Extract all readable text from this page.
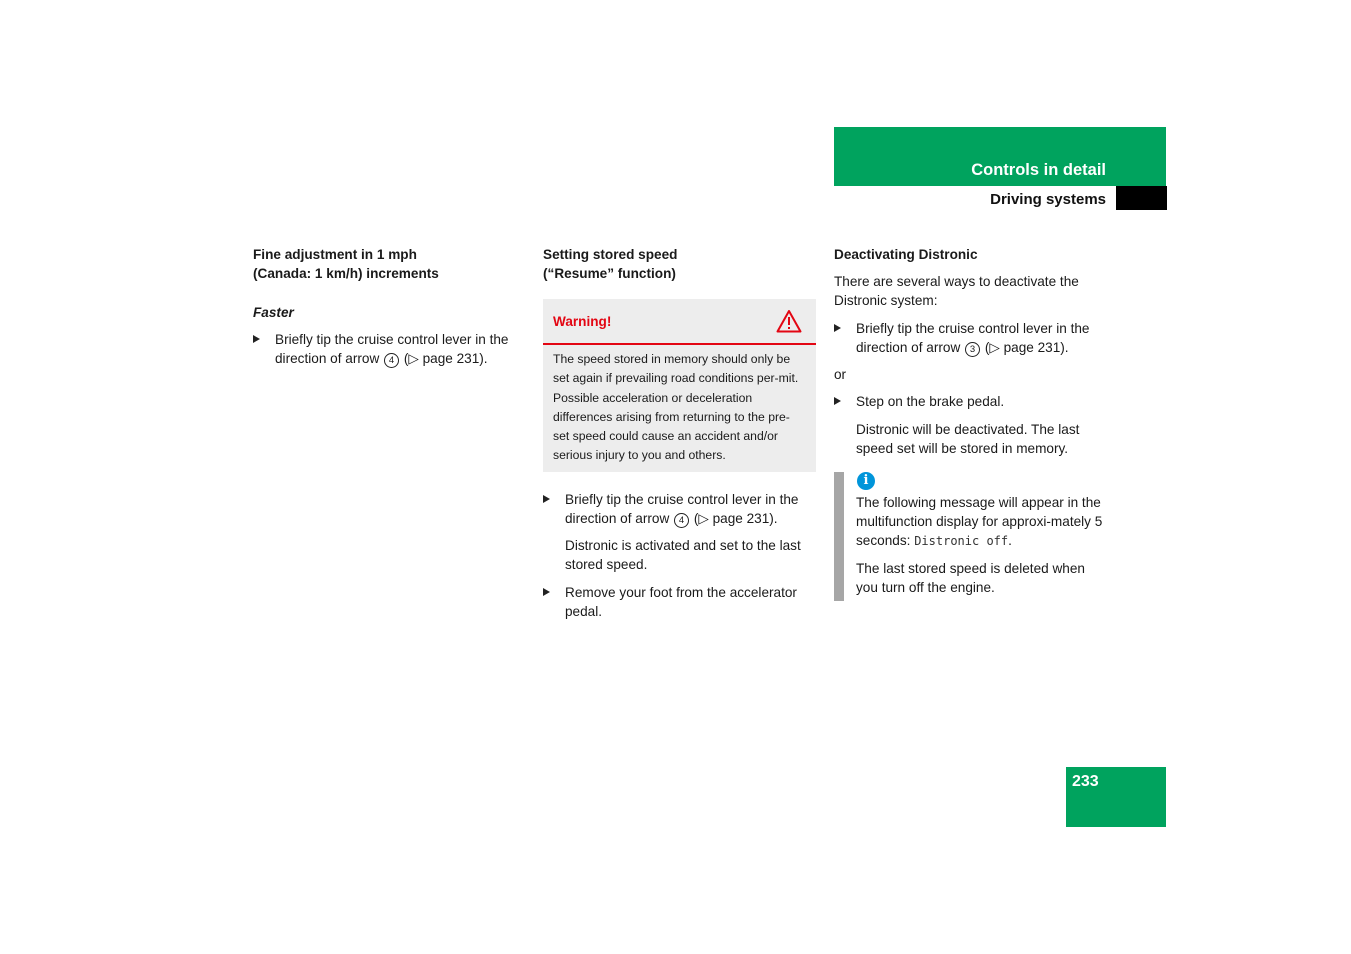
Controls in detail
Driving systems

Fine adjustment in 1 mph
(Canada: 1 km/h) increments

Faster

Briefly tip the cruise control lever in the direction of arrow 4 (▷ page 231).

Setting stored speed
(“Resume” function)

Warning!
The speed stored in memory should only be set again if prevailing road conditions per-mit. Possible acceleration or deceleration differences arising from returning to the pre-set speed could cause an accident and/or serious injury to you and others.

Briefly tip the cruise control lever in the direction of arrow 4 (▷ page 231).

Distronic is activated and set to the last stored speed.

Remove your foot from the accelerator pedal.

Deactivating Distronic

There are several ways to deactivate the Distronic system:

Briefly tip the cruise control lever in the direction of arrow 3 (▷ page 231).

or

Step on the brake pedal.

Distronic will be deactivated. The last speed set will be stored in memory.

i

The following message will appear in the multifunction display for approxi-mately 5 seconds: Distronic off.

The last stored speed is deleted when you turn off the engine.

233
